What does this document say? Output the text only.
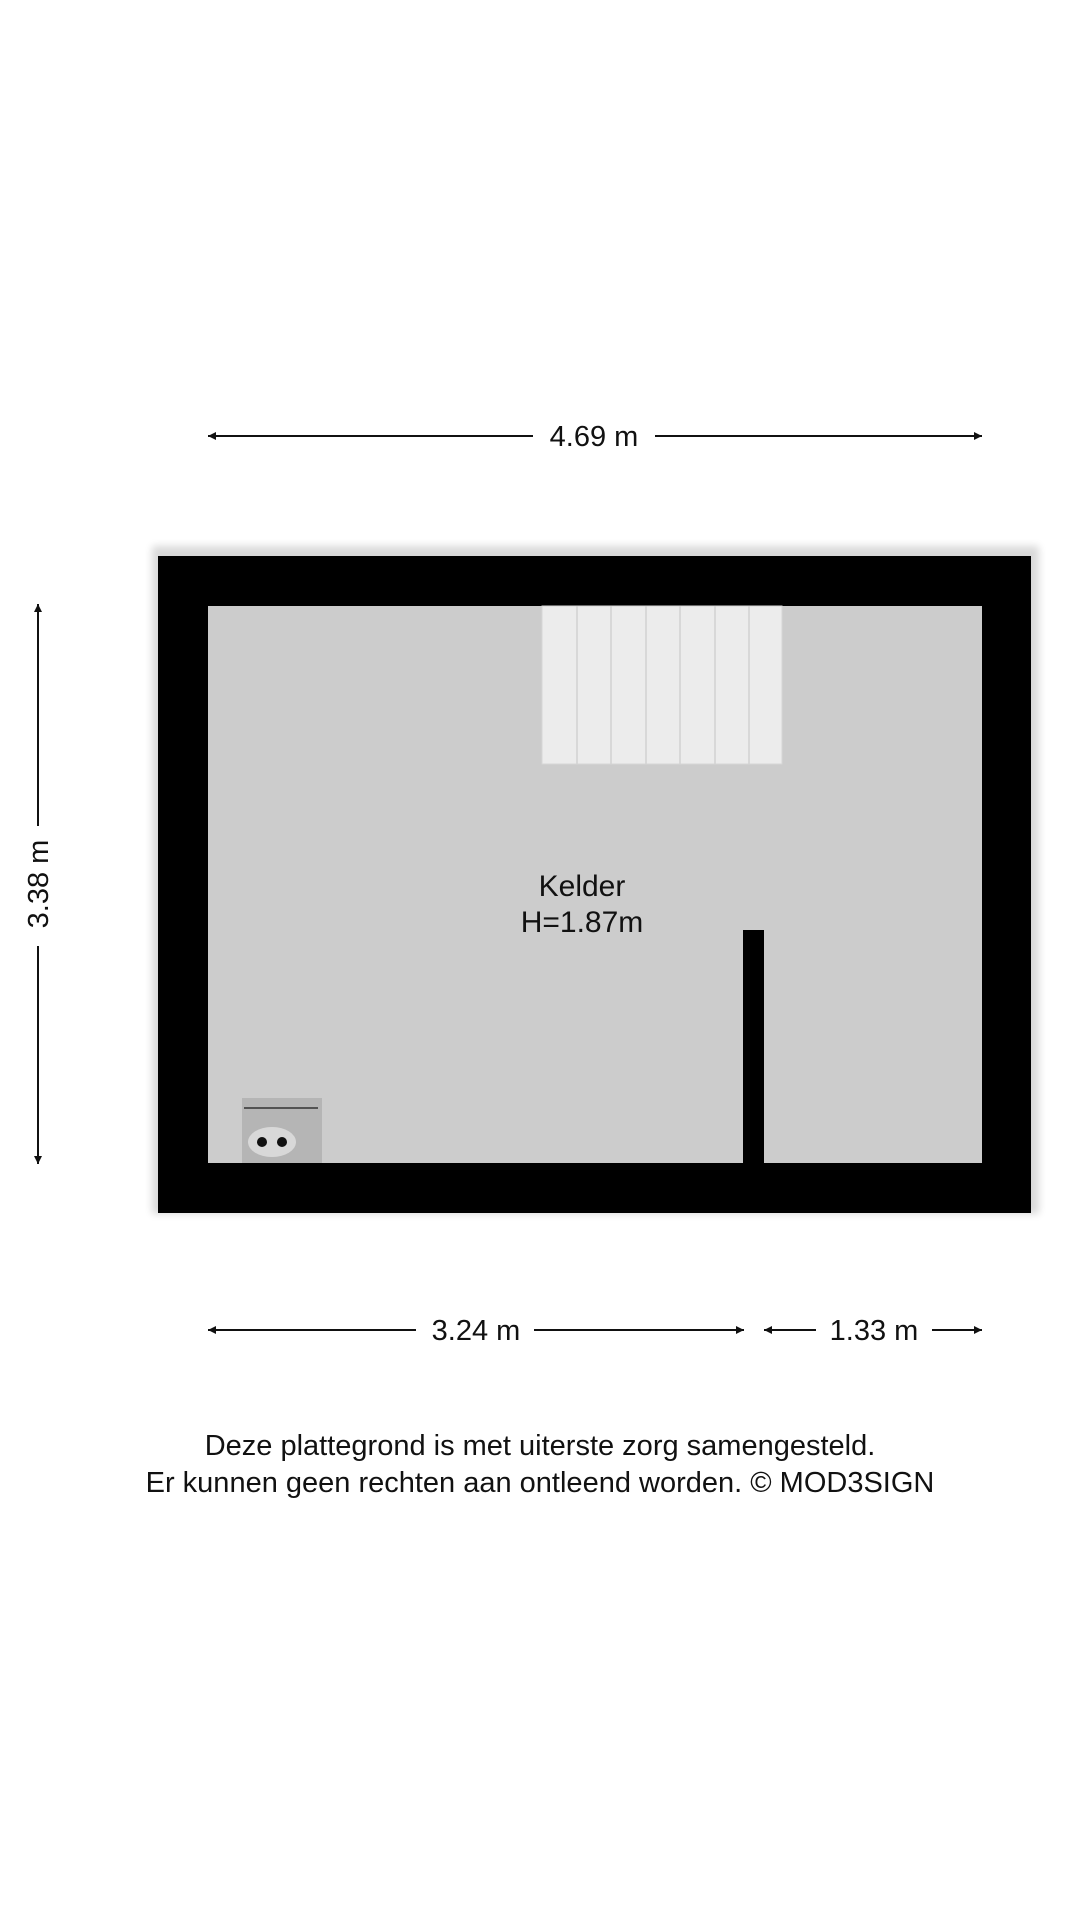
4.69 m
3.38 m	Kelder
H=1.87m
3.24 m	1.33 m
Deze plattegrond is met uiterste zorg samengesteld.
Er kunnen geen rechten aan ontleend worden. © MOD3SIGN
